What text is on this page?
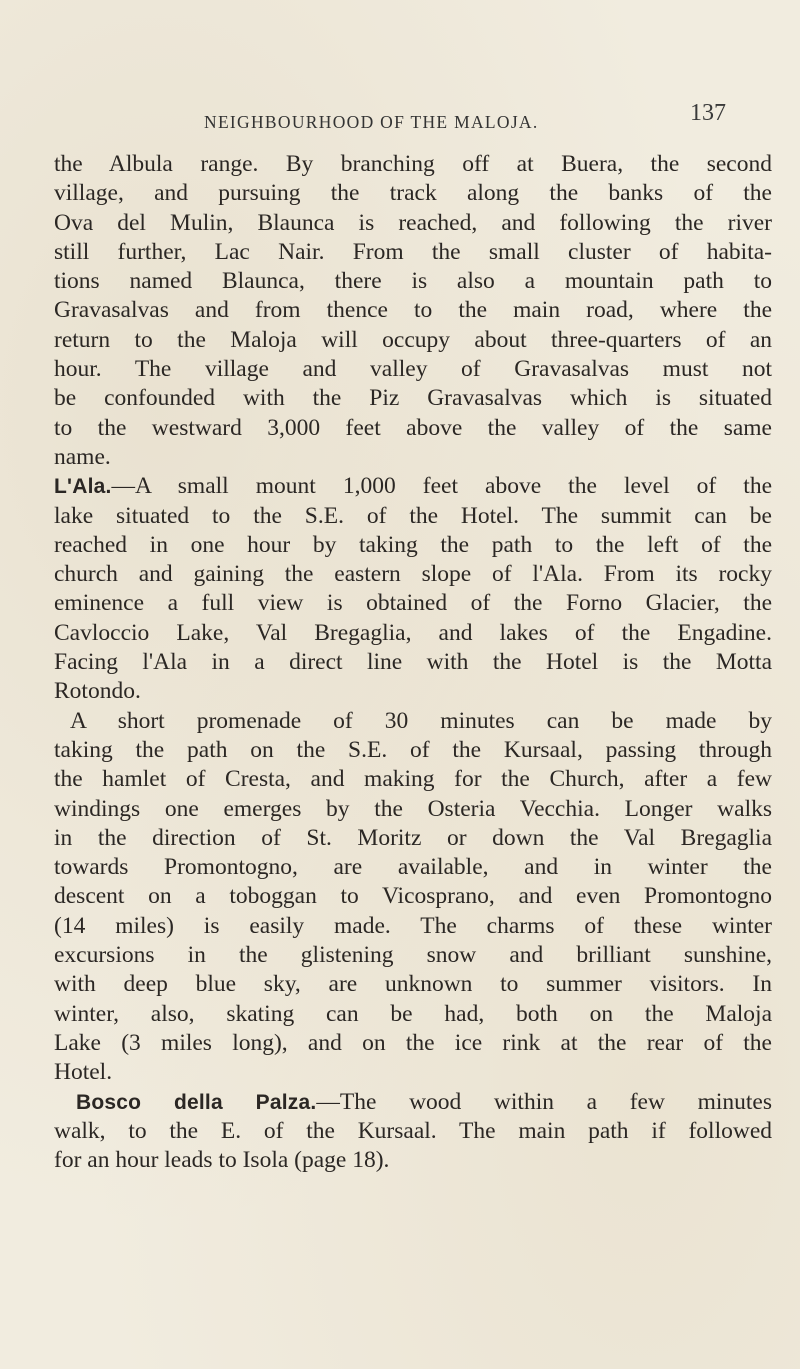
NEIGHBOURHOOD OF THE MALOJA.	137
the Albula range. By branching off at Buera, the second
village, and pursuing the track along the banks of the
Ova del Mulin, Blaunca is reached, and following the river
still further, Lac Nair. From the small cluster of habita-
tions named Blaunca, there is also a mountain path to
Gravasalvas and from thence to the main road, where the
return to the Maloja will occupy about three-quarters of an
hour. The village and valley of Gravasalvas must not
be confounded with the Piz Gravasalvas which is situated
to the westward 3,000 feet above the valley of the same
name.
L'Ala.—A small mount 1,000 feet above the level of the
lake situated to the S.E. of the Hotel. The summit can be
reached in one hour by taking the path to the left of the
church and gaining the eastern slope of l'Ala. From its rocky
eminence a full view is obtained of the Forno Glacier, the
Cavloccio Lake, Val Bregaglia, and lakes of the Engadine.
Facing l'Ala in a direct line with the Hotel is the Motta
Rotondo.
A short promenade of 30 minutes can be made by
taking the path on the S.E. of the Kursaal, passing through
the hamlet of Cresta, and making for the Church, after a few
windings one emerges by the Osteria Vecchia. Longer walks
in the direction of St. Moritz or down the Val Bregaglia
towards Promontogno, are available, and in winter the
descent on a toboggan to Vicosprano, and even Promontogno
(14 miles) is easily made. The charms of these winter
excursions in the glistening snow and brilliant sunshine,
with deep blue sky, are unknown to summer visitors. In
winter, also, skating can be had, both on the Maloja
Lake (3 miles long), and on the ice rink at the rear of the
Hotel.
Bosco della Palza.—The wood within a few minutes
walk, to the E. of the Kursaal. The main path if followed
for an hour leads to Isola (page 18).
